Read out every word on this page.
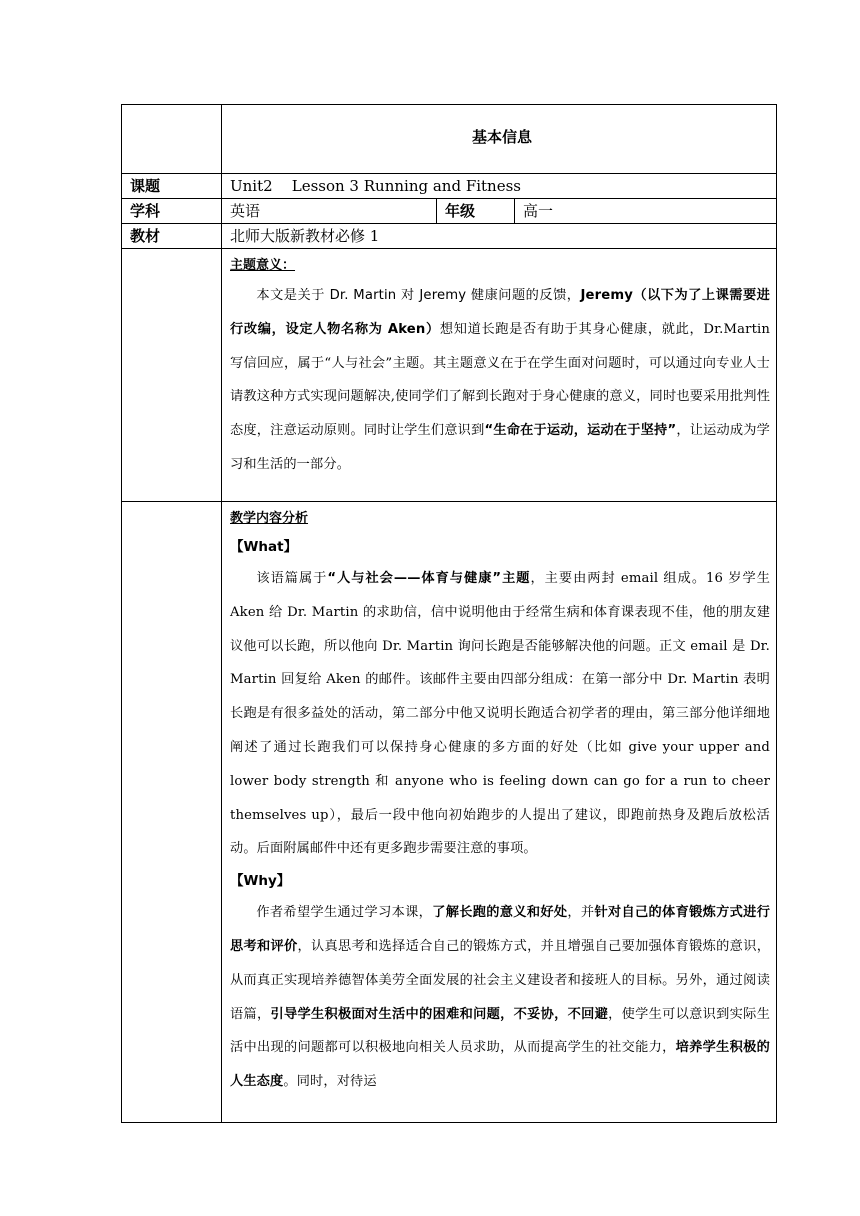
	基本信息		
课题	Unit2    Lesson 3 Running and Fitness		
学科	英语	年级	高一
教材	北师大版新教材必修 1		

	主题意义：

本文是关于 Dr. Martin 对 Jeremy 健康问题的反馈，Jeremy（以下为了上课需要进行改编，设定人物名称为 Aken）想知道长跑是否有助于其身心健康，就此，Dr.Martin 写信回应，属于“人与社会”主题。其主题意义在于在学生面对问题时，可以通过向专业人士请教这种方式实现问题解决,使同学们了解到长跑对于身心健康的意义，同时也要采用批判性态度，注意运动原则。同时让学生们意识到“生命在于运动，运动在于坚持”，让运动成为学习和生活的一部分。		

	教学内容分析

【What】

该语篇属于“人与社会——体育与健康”主题，主要由两封 email 组成。16 岁学生 Aken 给 Dr. Martin 的求助信，信中说明他由于经常生病和体育课表现不佳，他的朋友建议他可以长跑，所以他向 Dr. Martin 询问长跑是否能够解决他的问题。正文 email 是 Dr. Martin 回复给 Aken 的邮件。该邮件主要由四部分组成：在第一部分中 Dr. Martin 表明长跑是有很多益处的活动，第二部分中他又说明长跑适合初学者的理由，第三部分他详细地阐述了通过长跑我们可以保持身心健康的多方面的好处（比如 give your upper and lower body strength 和 anyone who is feeling down can go for a run to cheer themselves up），最后一段中他向初始跑步的人提出了建议，即跑前热身及跑后放松活动。后面附属邮件中还有更多跑步需要注意的事项。

【Why】

作者希望学生通过学习本课，了解长跑的意义和好处，并针对自己的体育锻炼方式进行思考和评价，认真思考和选择适合自己的锻炼方式，并且增强自己要加强体育锻炼的意识，从而真正实现培养德智体美劳全面发展的社会主义建设者和接班人的目标。另外，通过阅读语篇，引导学生积极面对生活中的困难和问题，不妥协，不回避，使学生可以意识到实际生活中出现的问题都可以积极地向相关人员求助，从而提高学生的社交能力，培养学生积极的人生态度。同时，对待运		
